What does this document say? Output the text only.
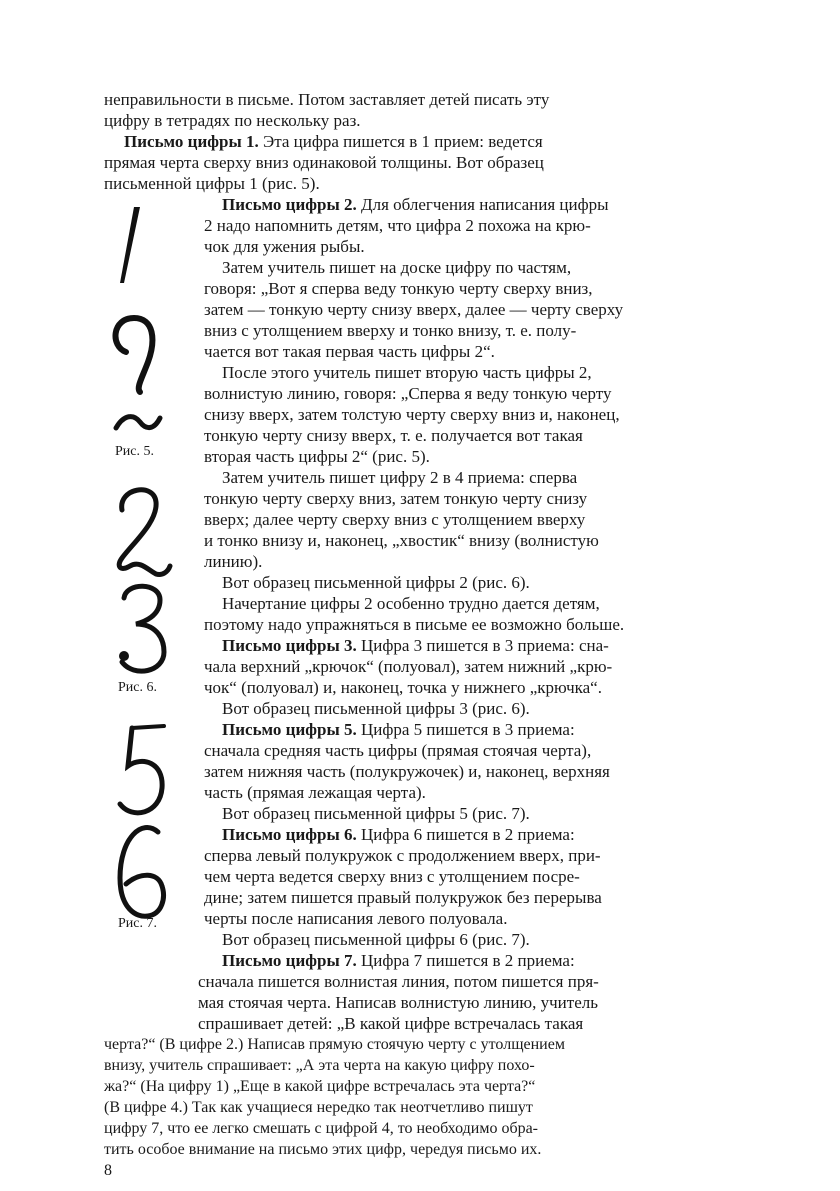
Рис. 5.
Рис. 6.
Рис. 7.
неправильности в письме. Потом заставляет детей писать эту
цифру в тетрадях по нескольку раз.
Письмо цифры 1. Эта цифра пишется в 1 прием: ведется
прямая черта сверху вниз одинаковой толщины. Вот образец
письменной цифры 1 (рис. 5).
Письмо цифры 2. Для облегчения написания цифры
2 надо напомнить детям, что цифра 2 похожа на крю-
чок для ужения рыбы.
Затем учитель пишет на доске цифру по частям,
говоря: „Вот я сперва веду тонкую черту сверху вниз,
затем — тонкую черту снизу вверх, далее — черту сверху
вниз с утолщением вверху и тонко внизу, т. е. полу-
чается вот такая первая часть цифры 2“.
После этого учитель пишет вторую часть цифры 2,
волнистую линию, говоря: „Сперва я веду тонкую черту
снизу вверх, затем толстую черту сверху вниз и, наконец,
тонкую черту снизу вверх, т. е. получается вот такая
вторая часть цифры 2“ (рис. 5).
Затем учитель пишет цифру 2 в 4 приема: сперва
тонкую черту сверху вниз, затем тонкую черту снизу
вверх; далее черту сверху вниз с утолщением вверху
и тонко внизу и, наконец, „хвостик“ внизу (волнистую
линию).
Вот образец письменной цифры 2 (рис. 6).
Начертание цифры 2 особенно трудно дается детям,
поэтому надо упражняться в письме ее возможно больше.
Письмо цифры 3. Цифра 3 пишется в 3 приема: сна-
чала верхний „крючок“ (полуовал), затем нижний „крю-
чок“ (полуовал) и, наконец, точка у нижнего „крючка“.
Вот образец письменной цифры 3 (рис. 6).
Письмо цифры 5. Цифра 5 пишется в 3 приема:
сначала средняя часть цифры (прямая стоячая черта),
затем нижняя часть (полукружочек) и, наконец, верхняя
часть (прямая лежащая черта).
Вот образец письменной цифры 5 (рис. 7).
Письмо цифры 6. Цифра 6 пишется в 2 приема:
сперва левый полукружок с продолжением вверх, при-
чем черта ведется сверху вниз с утолщением посре-
дине; затем пишется правый полукружок без перерыва
черты после написания левого полуовала.
Вот образец письменной цифры 6 (рис. 7).
Письмо цифры 7. Цифра 7 пишется в 2 приема:
сначала пишется волнистая линия, потом пишется пря-
мая стоячая черта. Написав волнистую линию, учитель
спрашивает детей: „В какой цифре встречалась такая
черта?“ (В цифре 2.) Написав прямую стоячую черту с утолщением
внизу, учитель спрашивает: „А эта черта на какую цифру похо-
жа?“ (На цифру 1) „Еще в какой цифре встречалась эта черта?“
(В цифре 4.) Так как учащиеся нередко так неотчетливо пишут
цифру 7, что ее легко смешать с цифрой 4, то необходимо обра-
тить особое внимание на письмо этих цифр, чередуя письмо их.
8
